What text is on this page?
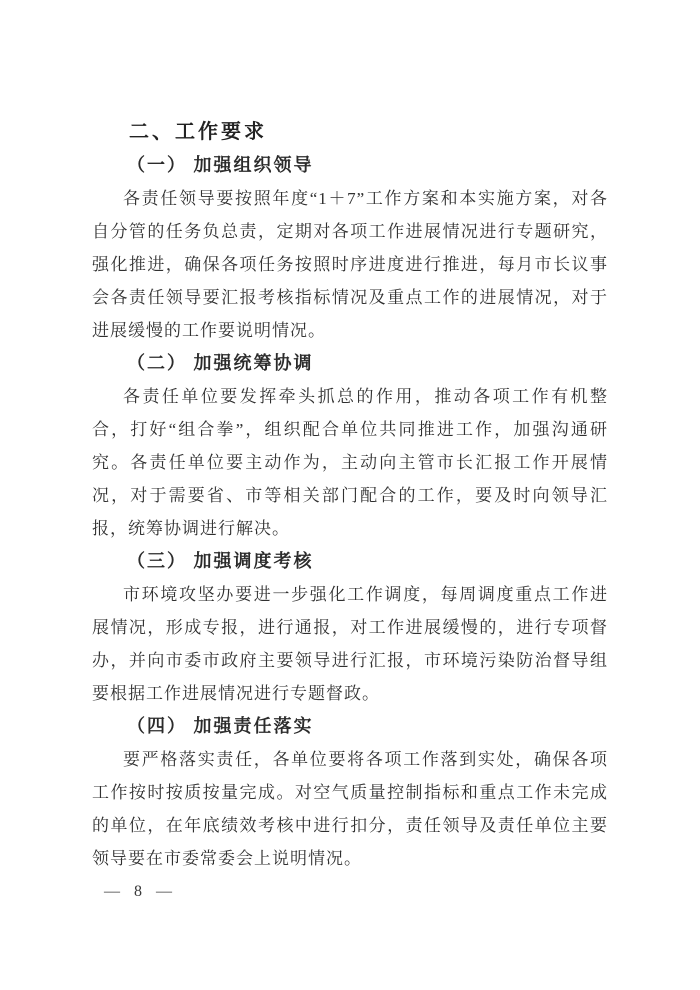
二、工作要求
（一） 加强组织领导

各责任领导要按照年度“1＋7”工作方案和本实施方案，对各自分管的任务负总责，定期对各项工作进展情况进行专题研究，强化推进，确保各项任务按照时序进度进行推进，每月市长议事会各责任领导要汇报考核指标情况及重点工作的进展情况，对于进展缓慢的工作要说明情况。

（二） 加强统筹协调

各责任单位要发挥牵头抓总的作用，推动各项工作有机整合，打好“组合拳”，组织配合单位共同推进工作，加强沟通研究。各责任单位要主动作为，主动向主管市长汇报工作开展情况，对于需要省、市等相关部门配合的工作，要及时向领导汇报，统筹协调进行解决。

（三） 加强调度考核

市环境攻坚办要进一步强化工作调度，每周调度重点工作进展情况，形成专报，进行通报，对工作进展缓慢的，进行专项督办，并向市委市政府主要领导进行汇报，市环境污染防治督导组要根据工作进展情况进行专题督政。

（四） 加强责任落实

要严格落实责任，各单位要将各项工作落到实处，确保各项工作按时按质按量完成。对空气质量控制指标和重点工作未完成的单位，在年底绩效考核中进行扣分，责任领导及责任单位主要领导要在市委常委会上说明情况。

— 8 —
